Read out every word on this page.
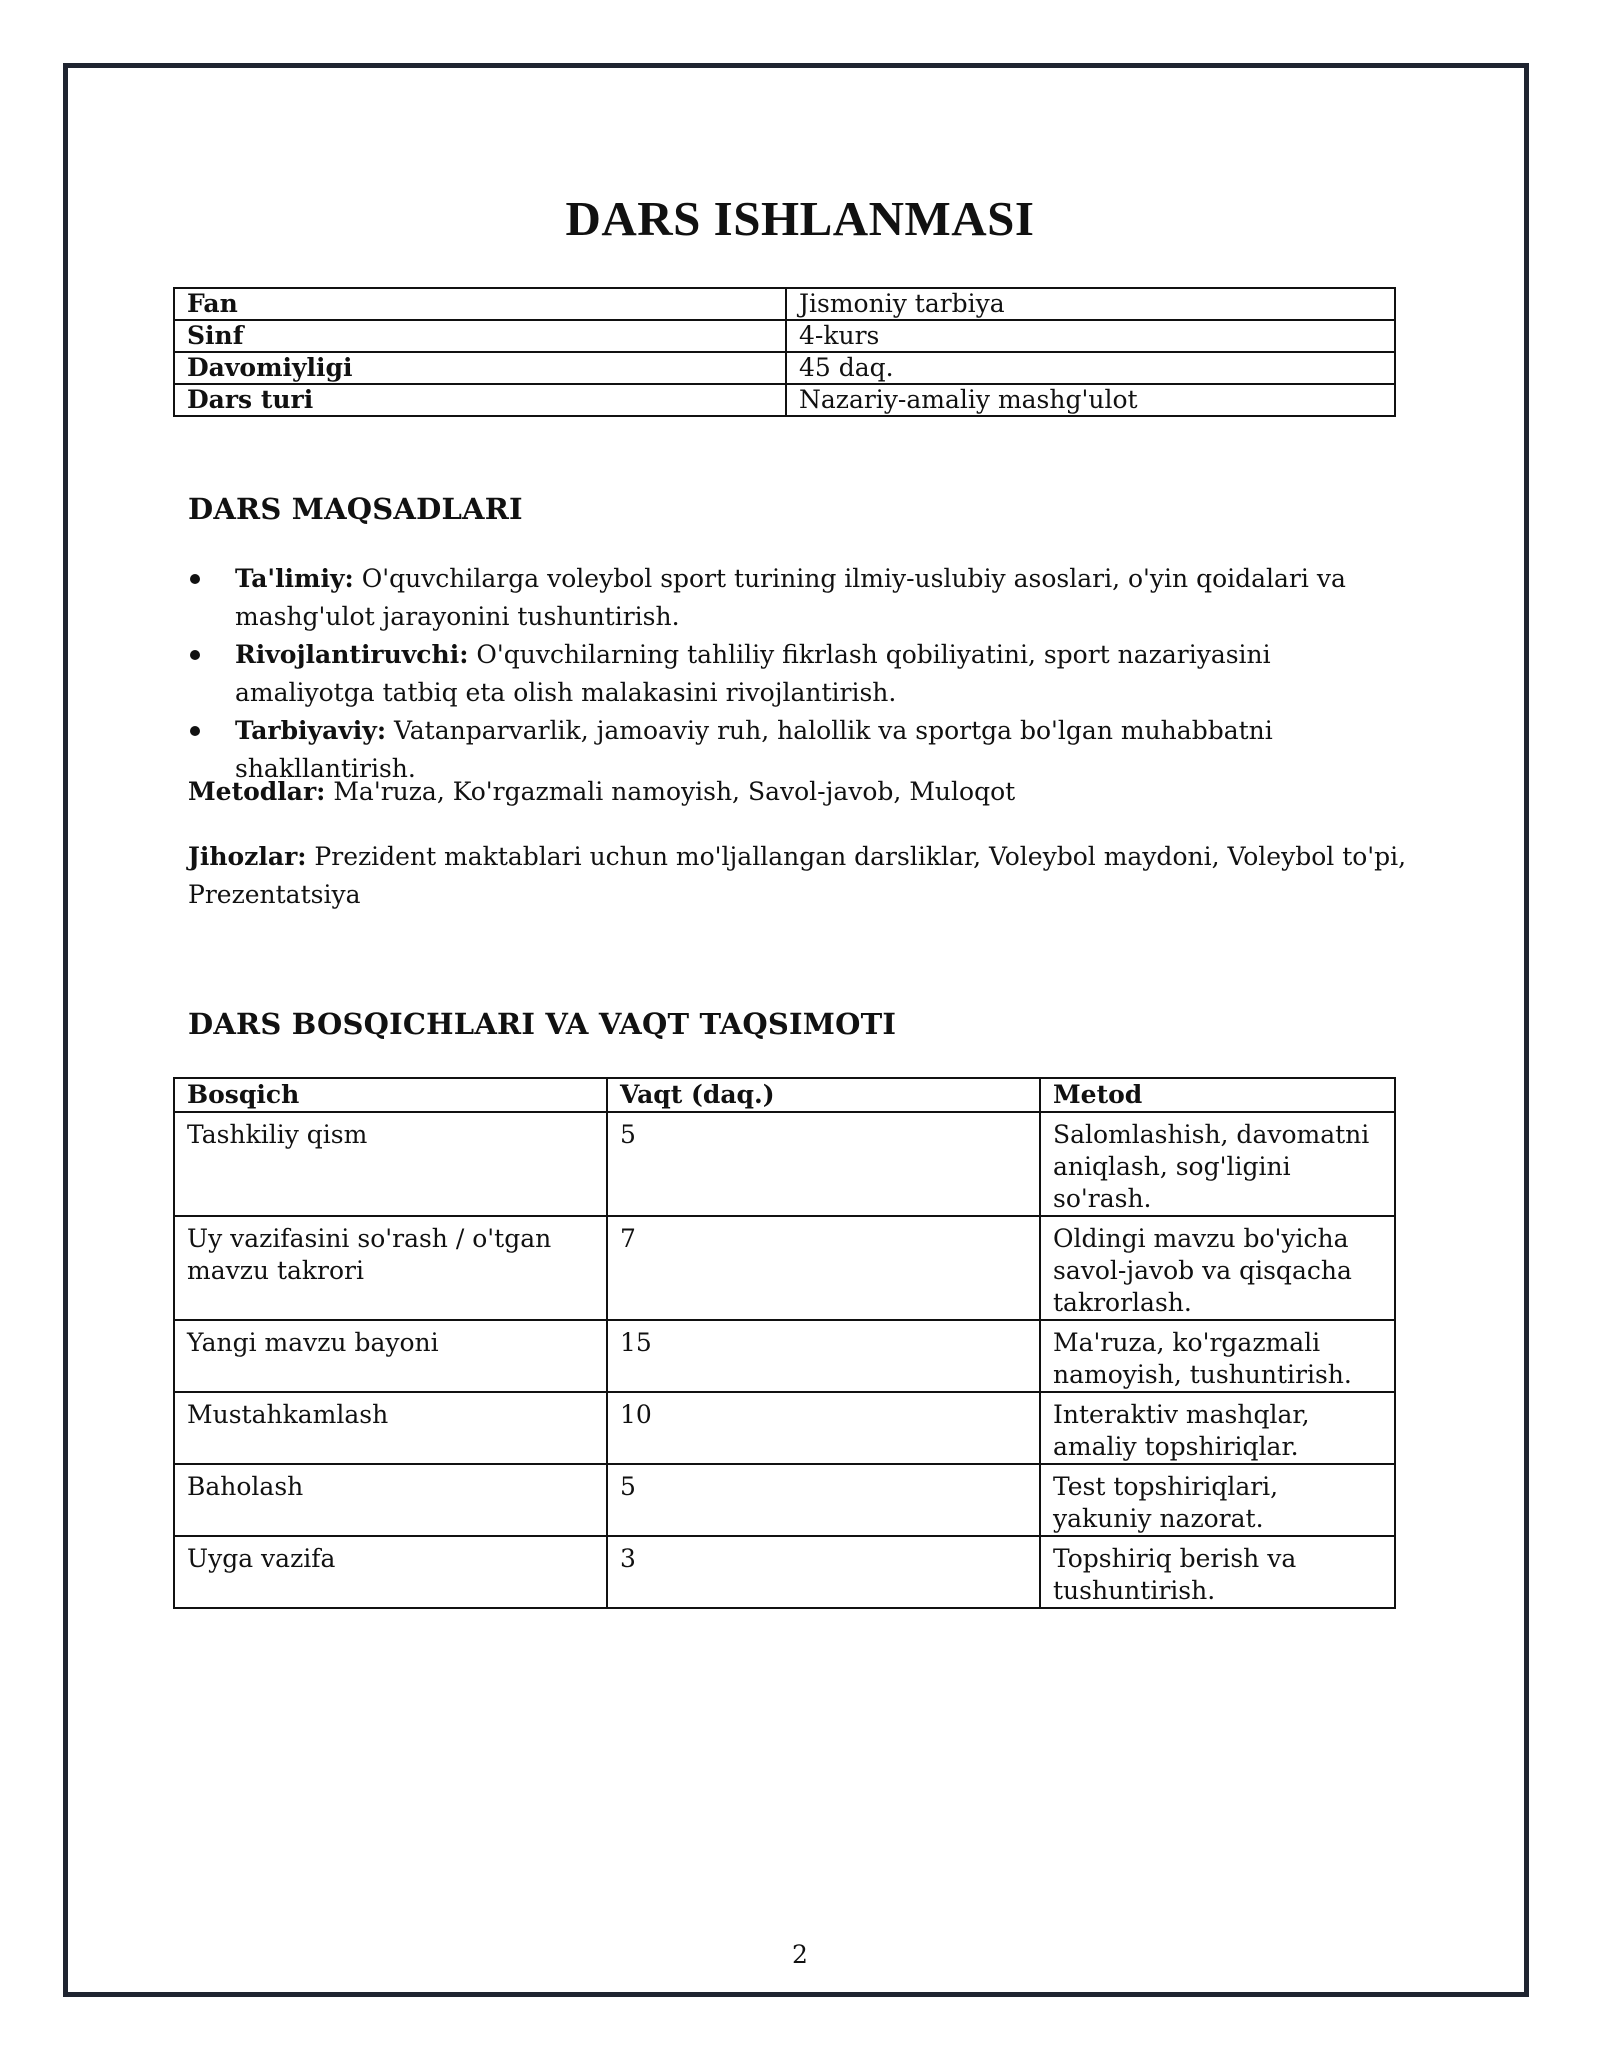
DARS ISHLANMASI
Fan	Jismoniy tarbiya
Sinf	4-kurs
Davomiyligi	45 daq.
Dars turi	Nazariy-amaliy mashg'ulot
DARS MAQSADLARI
Ta'limiy: O'quvchilarga voleybol sport turining ilmiy-uslubiy asoslari, o'yin qoidalari va mashg'ulot jarayonini tushuntirish.
Rivojlantiruvchi: O'quvchilarning tahliliy fikrlash qobiliyatini, sport nazariyasini amaliyotga tatbiq eta olish malakasini rivojlantirish.
Tarbiyaviy: Vatanparvarlik, jamoaviy ruh, halollik va sportga bo'lgan muhabbatni shakllantirish.
Metodlar: Ma'ruza, Ko'rgazmali namoyish, Savol-javob, Muloqot
Jihozlar: Prezident maktablari uchun mo'ljallangan darsliklar, Voleybol maydoni, Voleybol to'pi, Prezentatsiya
DARS BOSQICHLARI VA VAQT TAQSIMOTI
Bosqich	Vaqt (daq.)	Metod
Tashkiliy qism	5	Salomlashish, davomatni aniqlash, sog'ligini so'rash.
Uy vazifasini so'rash / o'tgan mavzu takrori	7	Oldingi mavzu bo'yicha savol-javob va qisqacha takrorlash.
Yangi mavzu bayoni	15	Ma'ruza, ko'rgazmali namoyish, tushuntirish.
Mustahkamlash	10	Interaktiv mashqlar, amaliy topshiriqlar.
Baholash	5	Test topshiriqlari, yakuniy nazorat.
Uyga vazifa	3	Topshiriq berish va tushuntirish.
2
